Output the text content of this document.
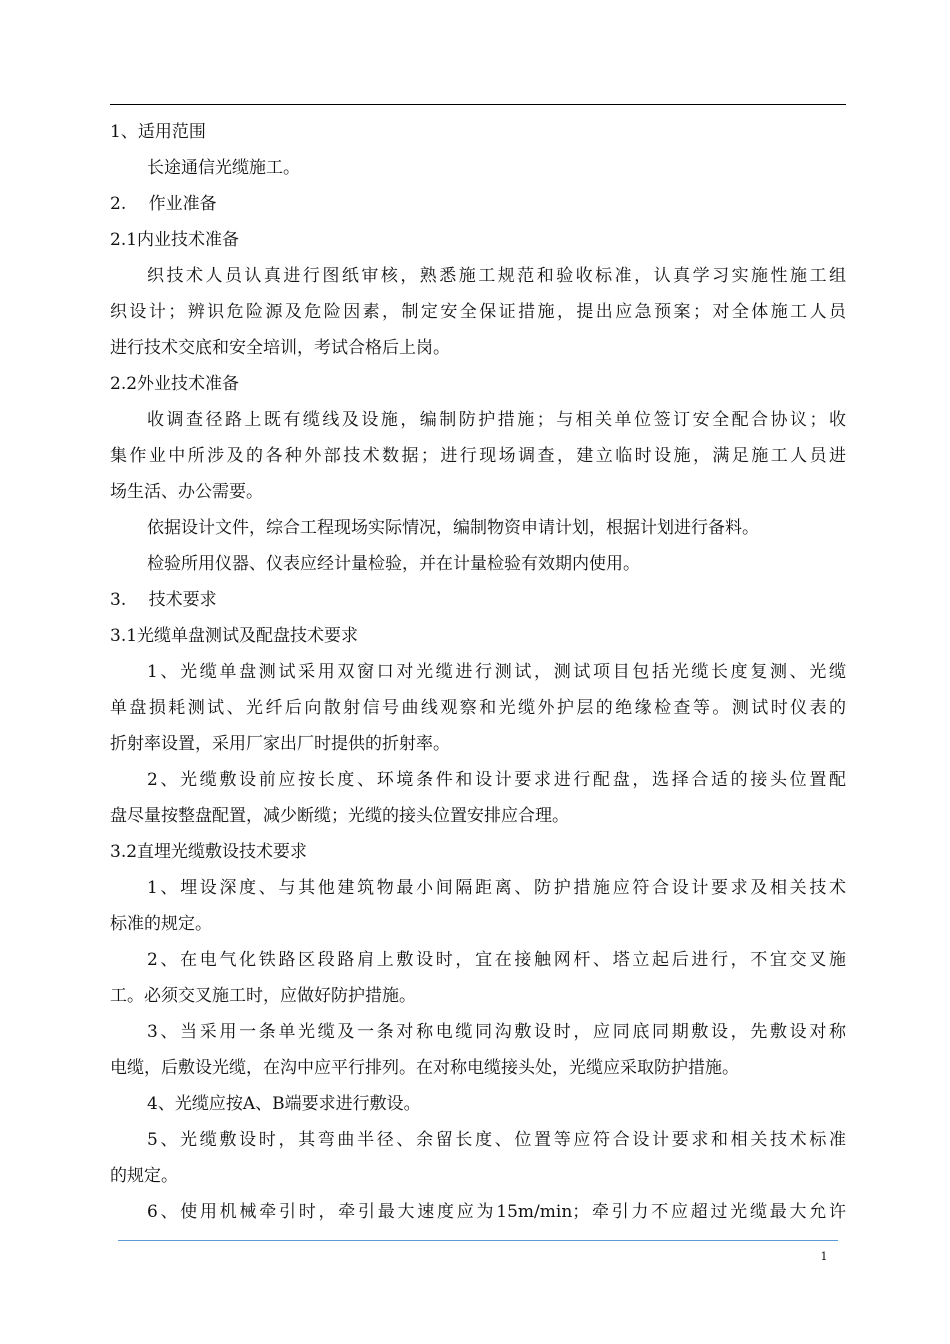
1、适用范围
长途通信光缆施工。
2.　 作业准备
2.1内业技术准备
织技术人员认真进行图纸审核，熟悉施工规范和验收标准，认真学习实施性施工组
织设计；辨识危险源及危险因素，制定安全保证措施，提出应急预案；对全体施工人员
进行技术交底和安全培训，考试合格后上岗。
2.2外业技术准备
收调查径路上既有缆线及设施，编制防护措施；与相关单位签订安全配合协议；收
集作业中所涉及的各种外部技术数据；进行现场调查，建立临时设施，满足施工人员进
场生活、办公需要。
依据设计文件，综合工程现场实际情况，编制物资申请计划，根据计划进行备料。
检验所用仪器、仪表应经计量检验，并在计量检验有效期内使用。
3.　 技术要求
3.1光缆单盘测试及配盘技术要求
1、光缆单盘测试采用双窗口对光缆进行测试，测试项目包括光缆长度复测、光缆
单盘损耗测试、光纤后向散射信号曲线观察和光缆外护层的绝缘检查等。测试时仪表的
折射率设置，采用厂家出厂时提供的折射率。
2、光缆敷设前应按长度、环境条件和设计要求进行配盘，选择合适的接头位置配
盘尽量按整盘配置，减少断缆；光缆的接头位置安排应合理。
3.2直埋光缆敷设技术要求
1、埋设深度、与其他建筑物最小间隔距离、防护措施应符合设计要求及相关技术
标准的规定。
2、在电气化铁路区段路肩上敷设时，宜在接触网杆、塔立起后进行，不宜交叉施
工。必须交叉施工时，应做好防护措施。
3、当采用一条单光缆及一条对称电缆同沟敷设时，应同底同期敷设，先敷设对称
电缆，后敷设光缆，在沟中应平行排列。在对称电缆接头处，光缆应采取防护措施。
4、光缆应按A、B端要求进行敷设。
5、光缆敷设时，其弯曲半径、余留长度、位置等应符合设计要求和相关技术标准
的规定。
6、使用机械牵引时，牵引最大速度应为15m/min；牵引力不应超过光缆最大允许
1
